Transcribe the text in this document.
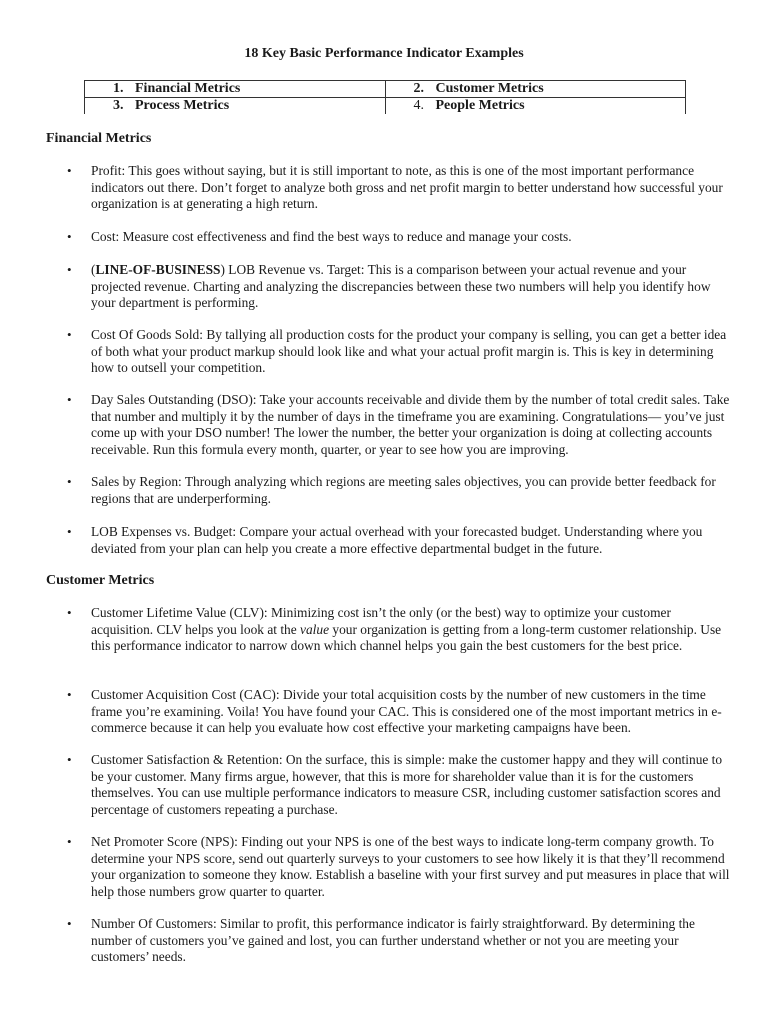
18 Key Basic Performance Indicator Examples
1. Financial Metrics	2. Customer Metrics
3. Process Metrics	4. People Metrics
Financial Metrics
• Profit: This goes without saying, but it is still important to note, as this is one of the most important performance indicators out there. Don’t forget to analyze both gross and net profit margin to better understand how successful your organization is at generating a high return.
• Cost: Measure cost effectiveness and find the best ways to reduce and manage your costs.
• (LINE-OF-BUSINESS) LOB Revenue vs. Target: This is a comparison between your actual revenue and your projected revenue. Charting and analyzing the discrepancies between these two numbers will help you identify how your department is performing.
• Cost Of Goods Sold: By tallying all production costs for the product your company is selling, you can get a better idea of both what your product markup should look like and what your actual profit margin is. This is key in determining how to outsell your competition.
• Day Sales Outstanding (DSO): Take your accounts receivable and divide them by the number of total credit sales. Take that number and multiply it by the number of days in the timeframe you are examining. Congratulations— you’ve just come up with your DSO number! The lower the number, the better your organization is doing at collecting accounts receivable. Run this formula every month, quarter, or year to see how you are improving.
• Sales by Region: Through analyzing which regions are meeting sales objectives, you can provide better feedback for regions that are underperforming.
• LOB Expenses vs. Budget: Compare your actual overhead with your forecasted budget. Understanding where you deviated from your plan can help you create a more effective departmental budget in the future.
Customer Metrics
• Customer Lifetime Value (CLV): Minimizing cost isn’t the only (or the best) way to optimize your customer acquisition. CLV helps you look at the value your organization is getting from a long-term customer relationship. Use this performance indicator to narrow down which channel helps you gain the best customers for the best price.
• Customer Acquisition Cost (CAC): Divide your total acquisition costs by the number of new customers in the time frame you’re examining. Voila! You have found your CAC. This is considered one of the most important metrics in e-commerce because it can help you evaluate how cost effective your marketing campaigns have been.
• Customer Satisfaction & Retention: On the surface, this is simple: make the customer happy and they will continue to be your customer. Many firms argue, however, that this is more for shareholder value than it is for the customers themselves. You can use multiple performance indicators to measure CSR, including customer satisfaction scores and percentage of customers repeating a purchase.
• Net Promoter Score (NPS): Finding out your NPS is one of the best ways to indicate long-term company growth. To determine your NPS score, send out quarterly surveys to your customers to see how likely it is that they’ll recommend your organization to someone they know. Establish a baseline with your first survey and put measures in place that will help those numbers grow quarter to quarter.
• Number Of Customers: Similar to profit, this performance indicator is fairly straightforward. By determining the number of customers you’ve gained and lost, you can further understand whether or not you are meeting your customers’ needs.
